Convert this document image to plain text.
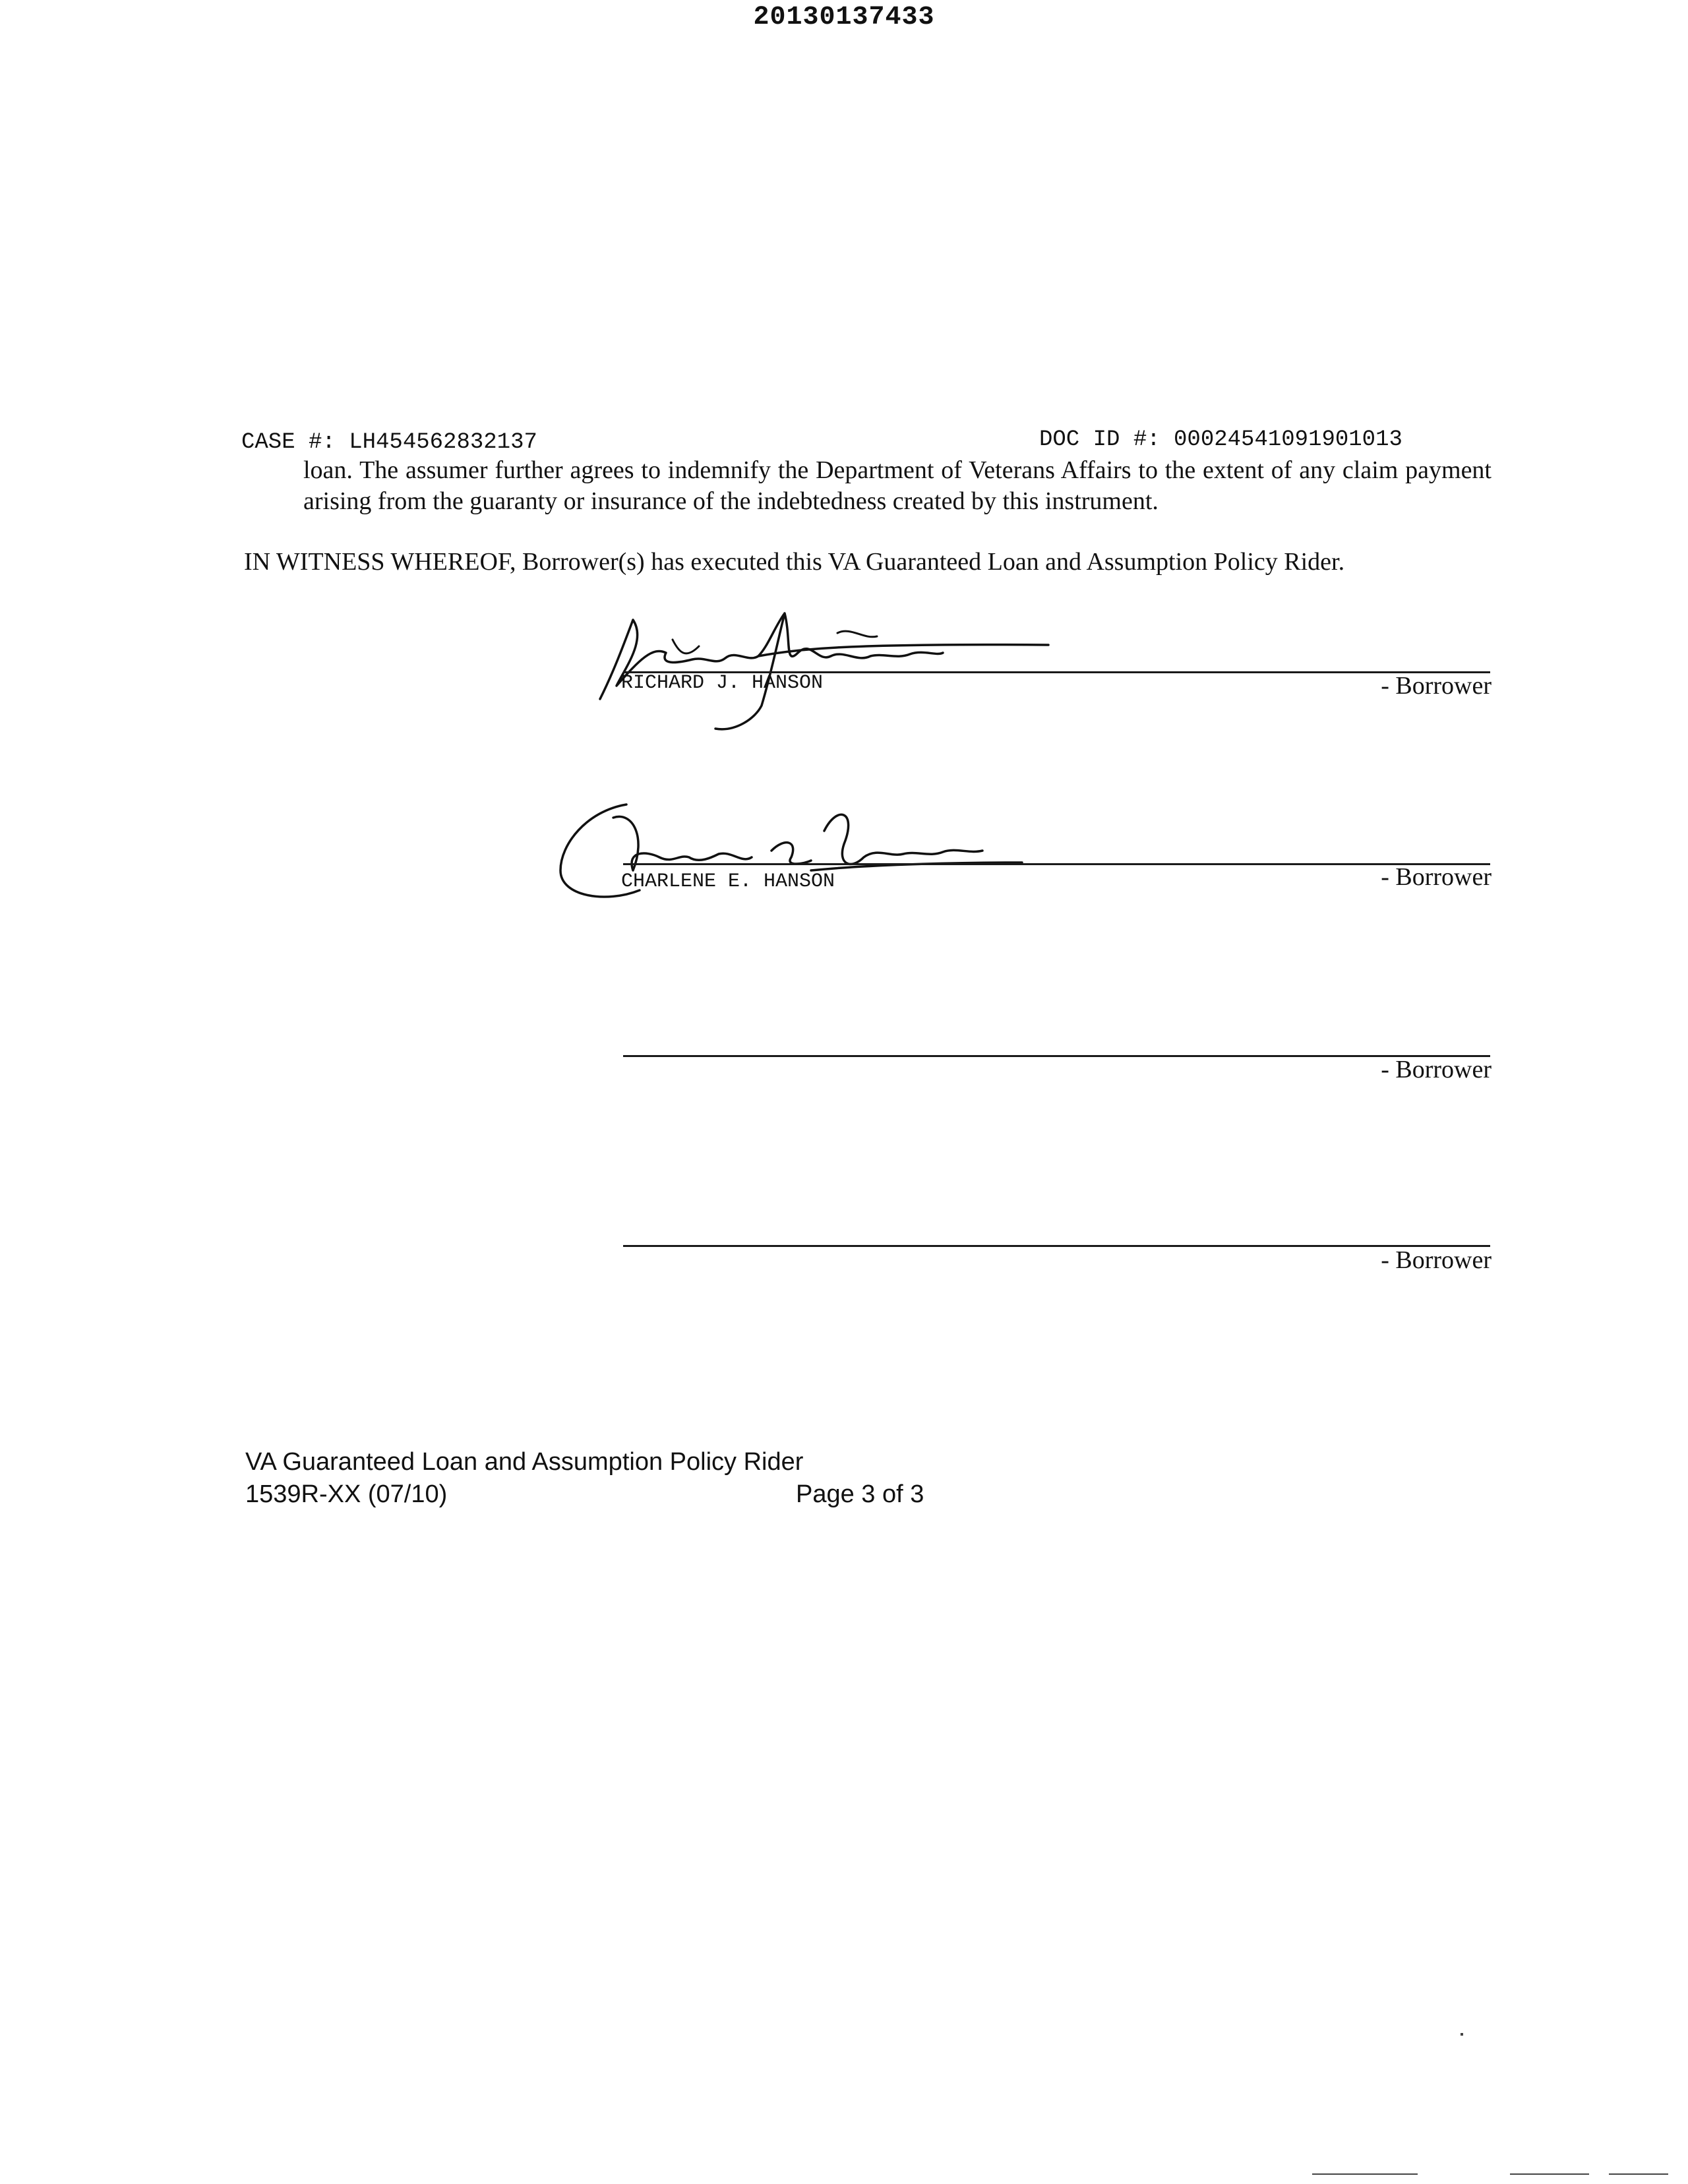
20130137433
CASE #: LH454562832137	DOC ID #: 00024541091901013
loan. The assumer further agrees to indemnify the Department of Veterans Affairs to the extent of any claim payment arising from the guaranty or insurance of the indebtedness created by this instrument.
IN WITNESS WHEREOF, Borrower(s) has executed this VA Guaranteed Loan and Assumption Policy Rider.
RICHARD J. HANSON	- Borrower
CHARLENE E. HANSON	- Borrower
- Borrower
- Borrower
VA Guaranteed Loan and Assumption Policy Rider
1539R-XX (07/10)	Page 3 of 3
